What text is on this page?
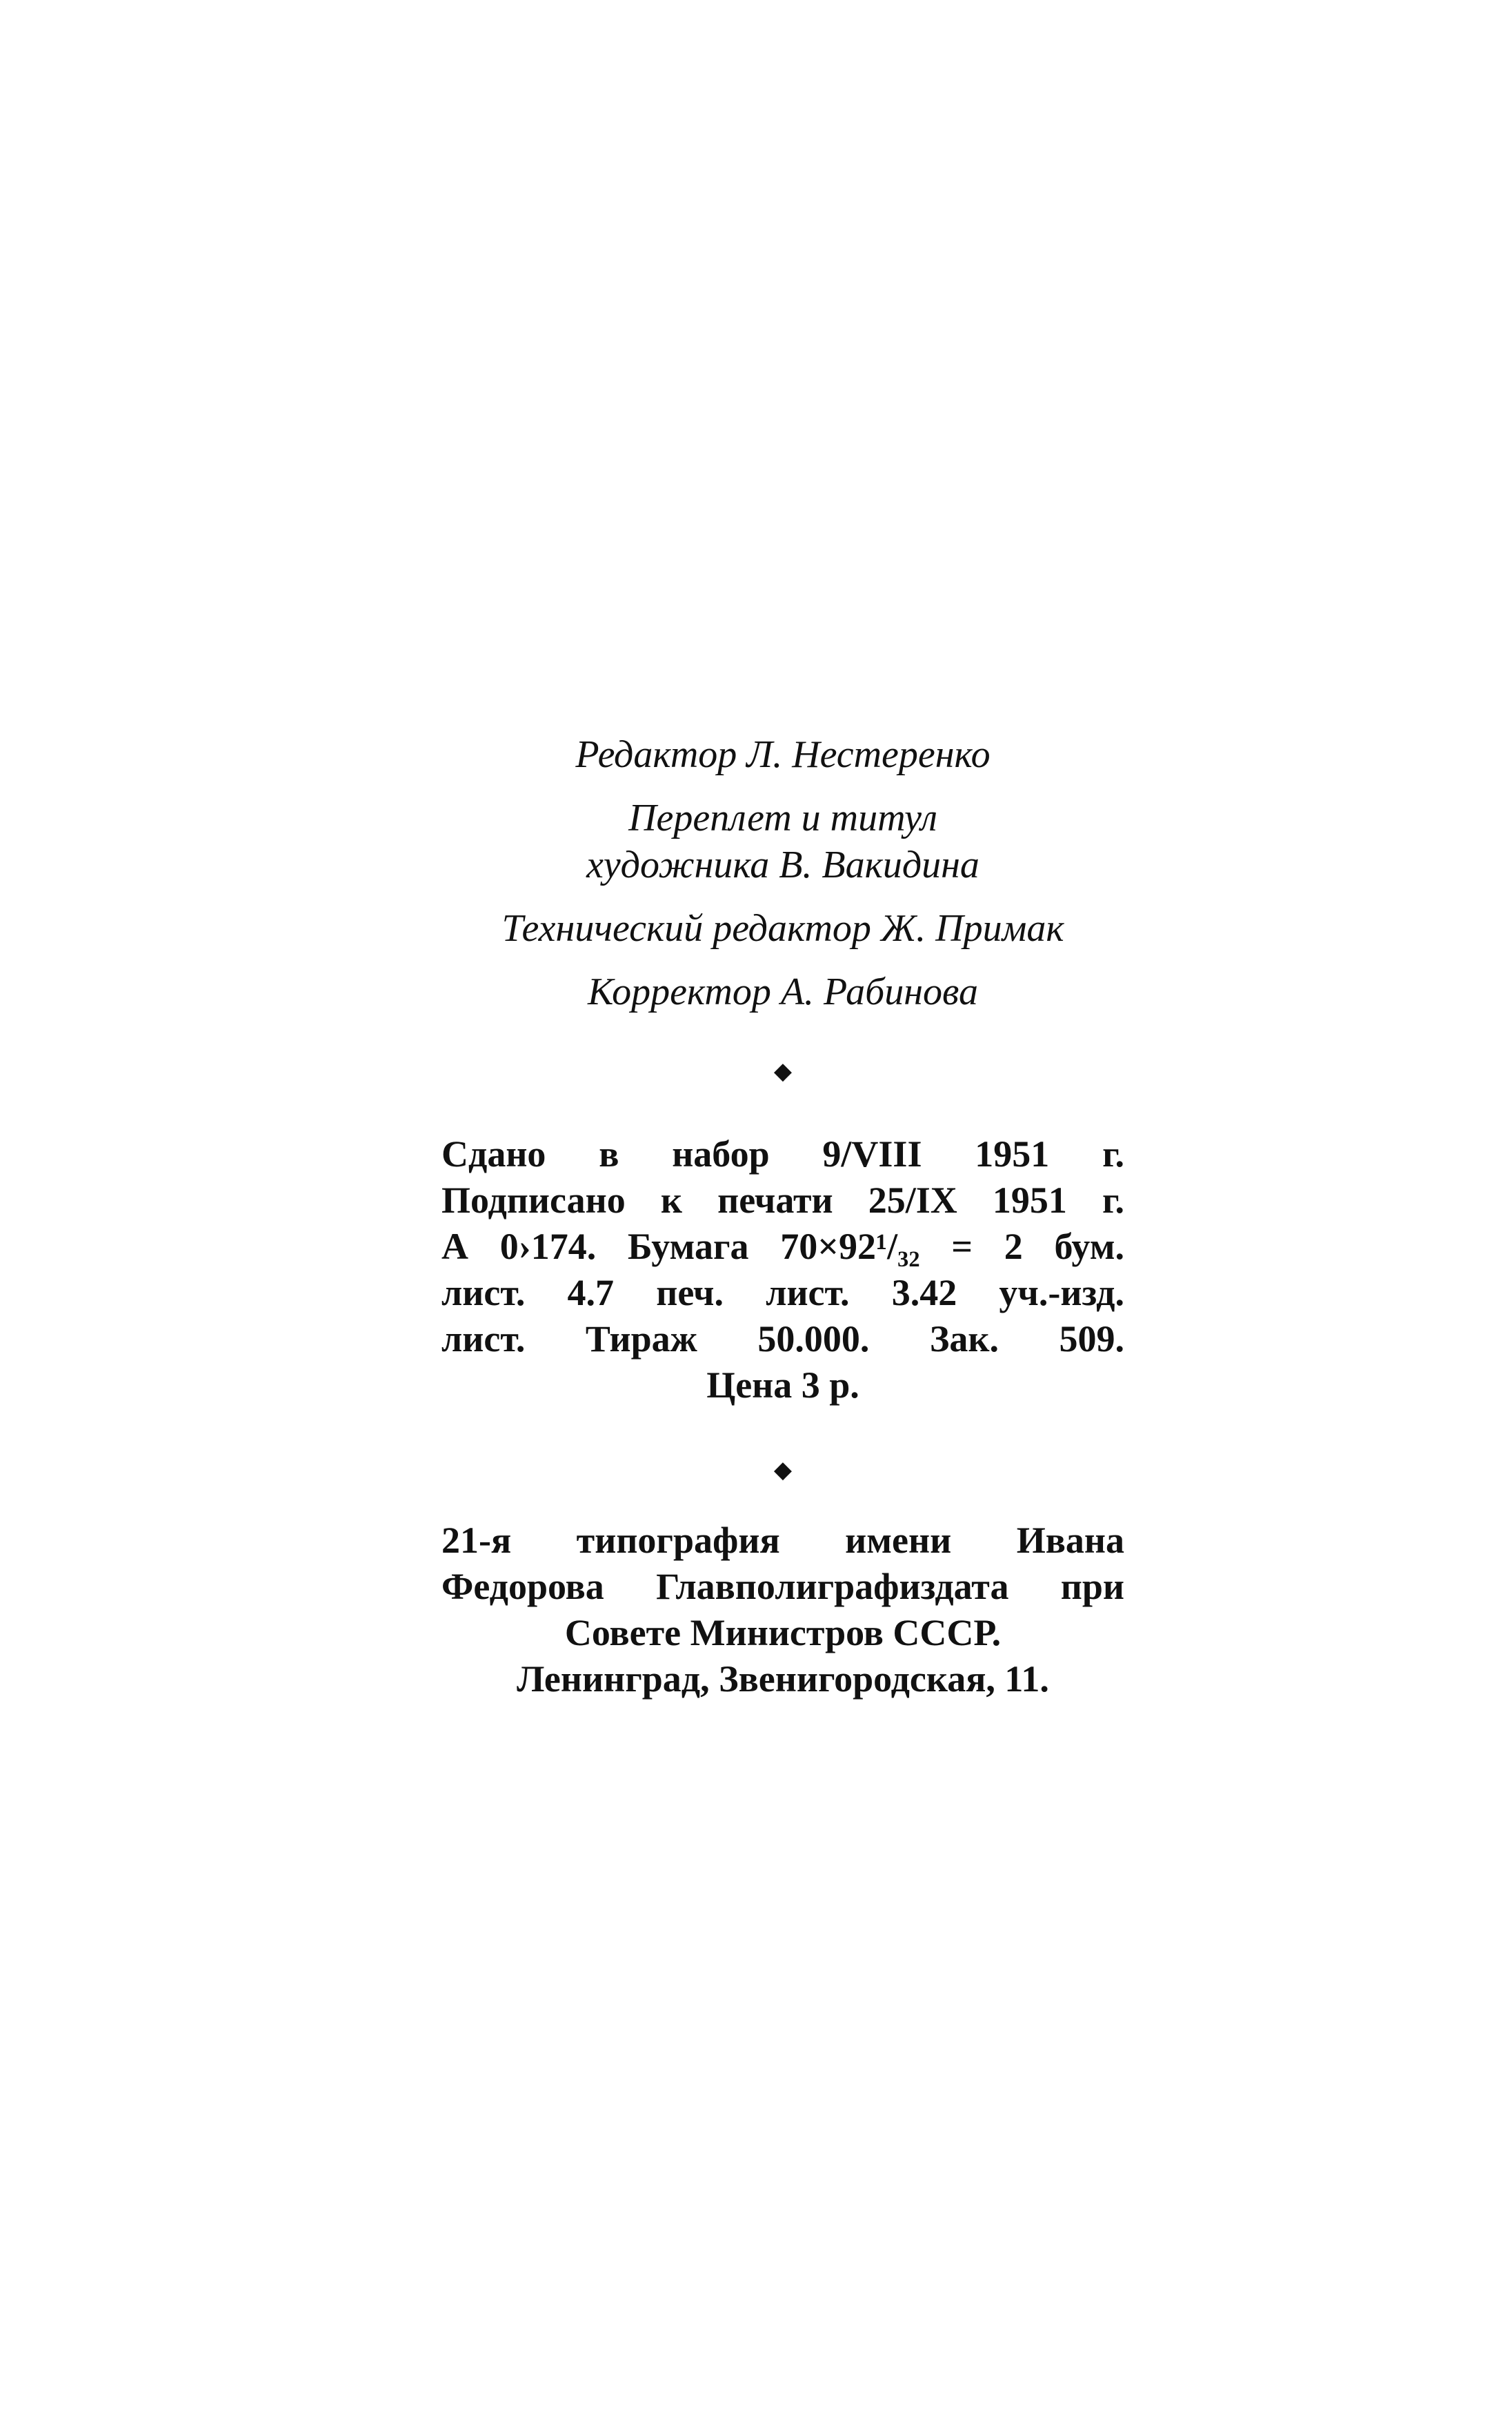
Редактор Л. Нестеренко
Переплет и титул
художника В. Вакидина
Технический редактор Ж. Примак
Корректор А. Рабинова
◆
Сдано в набор 9/VIII 1951 г.
Подписано к печати 25/IX 1951 г.
А 0›174. Бумага 70×92¹/₃₂ = 2 бум.
лист. 4.7 печ. лист. 3.42 уч.-изд.
лист. Тираж 50.000. Зак. 509.
Цена 3 р.
◆
21-я типография имени Ивана
Федорова Главполиграфиздата при
Совете Министров СССР.
Ленинград, Звенигородская, 11.
